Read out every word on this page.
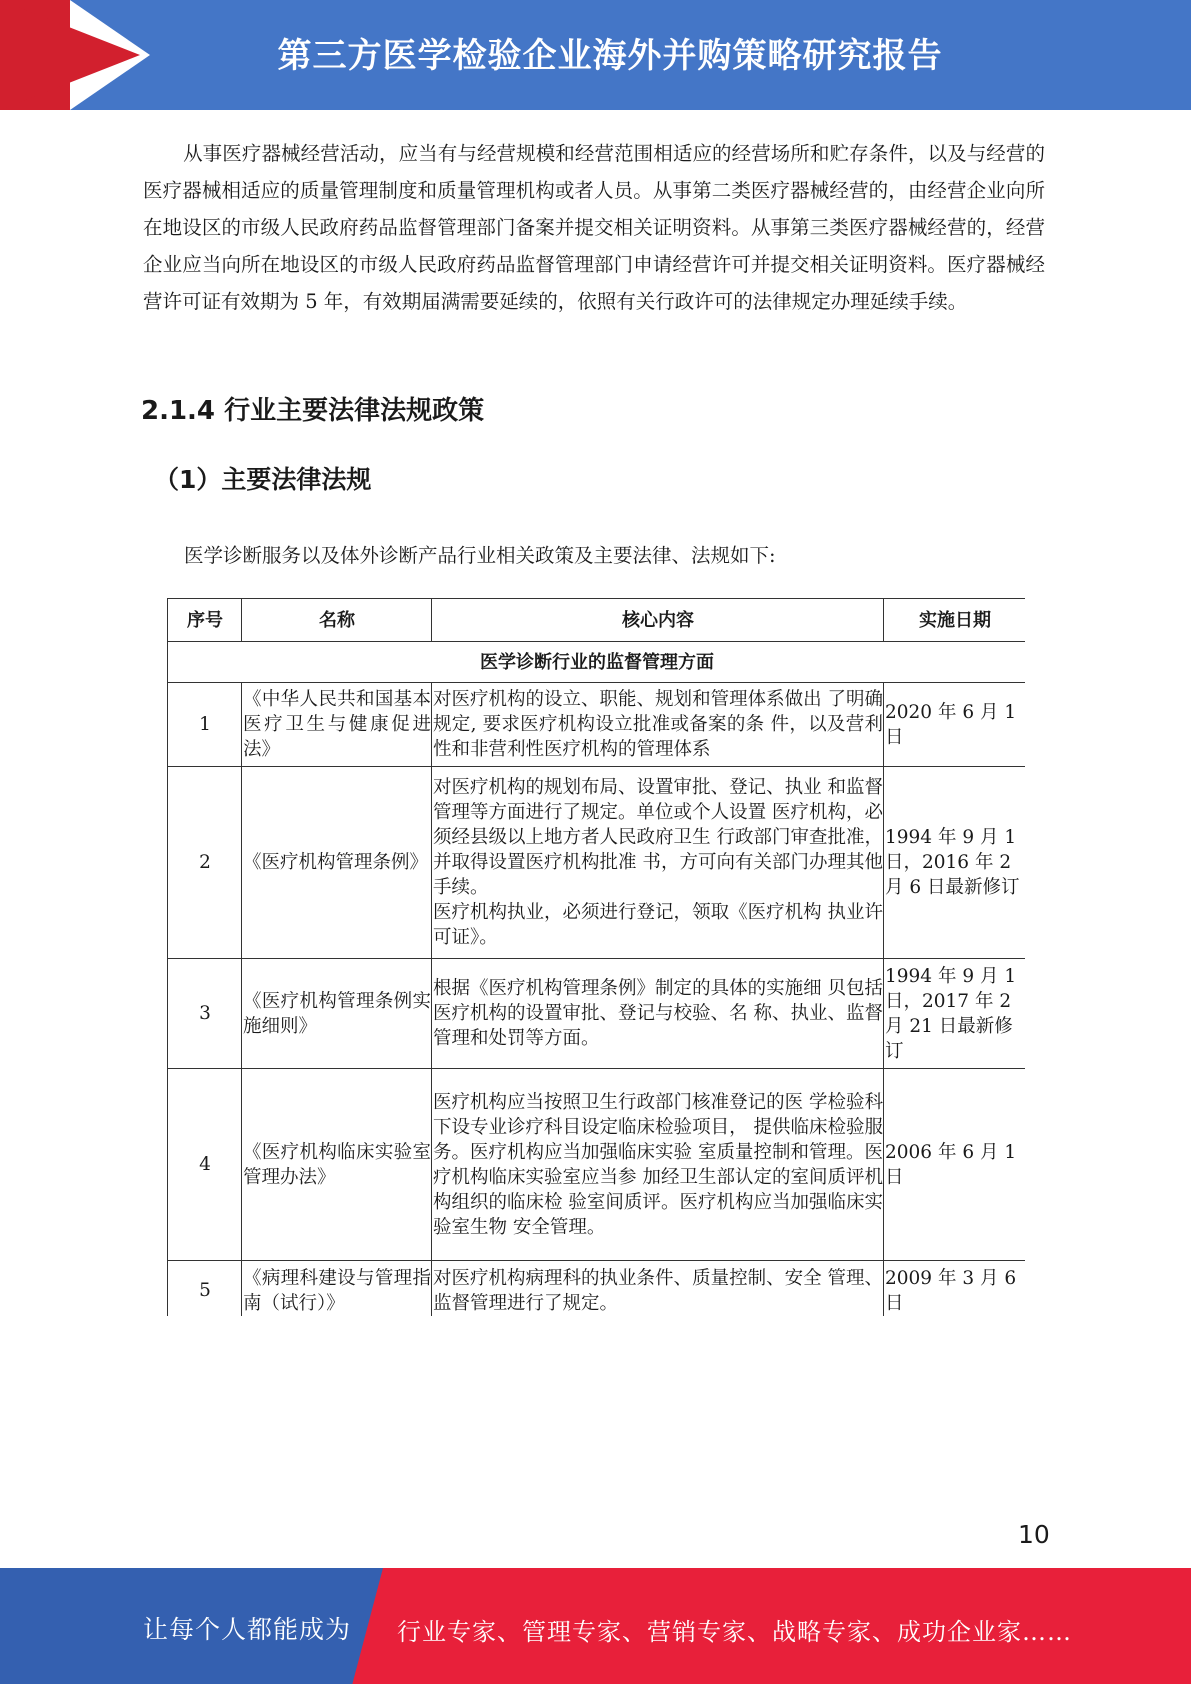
第三方医学检验企业海外并购策略研究报告
从事医疗器械经营活动，应当有与经营规模和经营范围相适应的经营场所和贮存条件，以及与经营的医疗器械相适应的质量管理制度和质量管理机构或者人员。从事第二类医疗器械经营的，由经营企业向所在地设区的市级人民政府药品监督管理部门备案并提交相关证明资料。从事第三类医疗器械经营的，经营企业应当向所在地设区的市级人民政府药品监督管理部门申请经营许可并提交相关证明资料。医疗器械经营许可证有效期为 5 年，有效期届满需要延续的，依照有关行政许可的法律规定办理延续手续。
2.1.4 行业主要法律法规政策
（1）主要法律法规
医学诊断服务以及体外诊断产品行业相关政策及主要法律、法规如下:
序号	名称	核心内容	实施日期
医学诊断行业的监督管理方面			
1	《中华人民共和国基本医疗卫生与健康促进法》	对医疗机构的设立、职能、规划和管理体系做出 了明确规定, 要求医疗机构设立批准或备案的条 件，以及营利性和非营利性医疗机构的管理体系	2020 年 6 月 1 日
2	《医疗机构管理条例》	对医疗机构的规划布局、设置审批、登记、执业 和监督管理等方面进行了规定。单位或个人设置 医疗机构，必须经县级以上地方者人民政府卫生 行政部门审查批准，并取得设置医疗机构批准 书，方可向有关部门办理其他手续。
医疗机构执业，必须进行登记，领取《医疗机构 执业许可证》。	1994 年 9 月 1 日，2016 年 2 月 6 日最新修订
3	《医疗机构管理条例实施细则》	根据《医疗机构管理条例》制定的具体的实施细 贝包括医疗机构的设置审批、登记与校验、名 称、执业、监督管理和处罚等方面。	1994 年 9 月 1 日，2017 年 2 月 21 日最新修订
4	《医疗机构临床实验室管理办法》	医疗机构应当按照卫生行政部门核准登记的医 学检验科下设专业诊疗科目设定临床检验项目， 提供临床检验服务。医疗机构应当加强临床实验 室质量控制和管理。医疗机构临床实验室应当参 加经卫生部认定的室间质评机构组织的临床检 验室间质评。医疗机构应当加强临床实验室生物 安全管理。	2006 年 6 月 1 日
5	《病理科建设与管理指南（试行）》	对医疗机构病理科的执业条件、质量控制、安全 管理、监督管理进行了规定。	2009 年 3 月 6 日
10
让每个人都能成为 行业专家、管理专家、营销专家、战略专家、成功企业家……
